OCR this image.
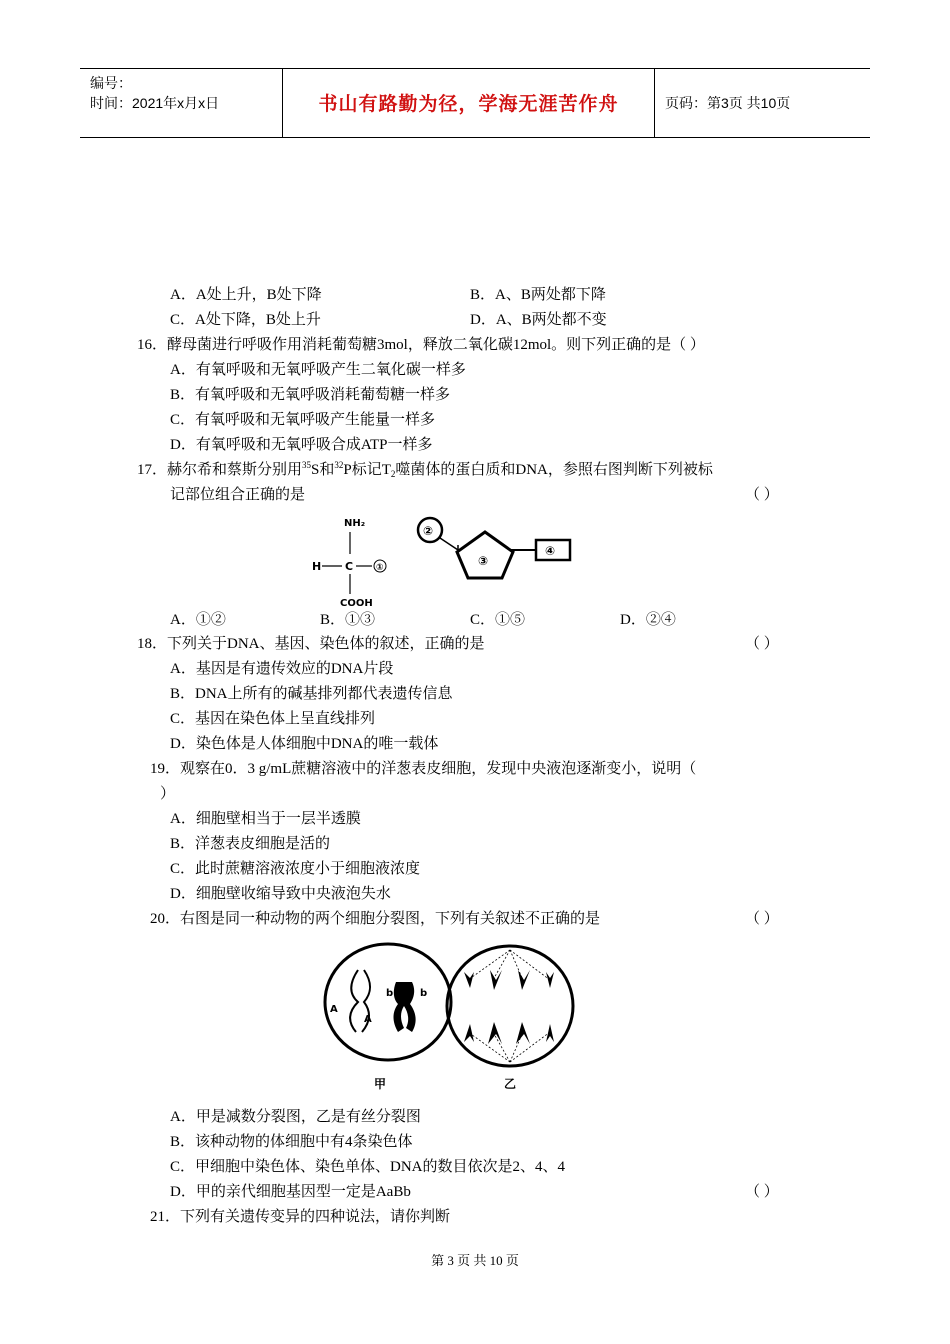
编号：
时间：2021年x月x日	书山有路勤为径，学海无涯苦作舟	页码：第3页 共10页
A．A处上升，B处下降	B．A、B两处都下降
C．A处下降，B处上升	D．A、B两处都不变
16．酵母菌进行呼吸作用消耗葡萄糖3mol，释放二氧化碳12mol。则下列正确的是（ ）
A．有氧呼吸和无氧呼吸产生二氧化碳一样多
B．有氧呼吸和无氧呼吸消耗葡萄糖一样多
C．有氧呼吸和无氧呼吸产生能量一样多
D．有氧呼吸和无氧呼吸合成ATP一样多
17．赫尔希和蔡斯分别用$^{35}$S和$^{32}$P标记$T_2$噬菌体的蛋白质和DNA，参照右图判断下列被标
记部位组合正确的是	（ ）
NH₂
H C	①
COOH
②
③
④
A．①②	B．①③	C．①⑤	D．②④
18．下列关于DNA、基因、染色体的叙述，正确的是	（ ）
A．基因是有遗传效应的DNA片段
B．DNA上所有的碱基排列都代表遗传信息
C．基因在染色体上呈直线排列
D．染色体是人体细胞中DNA的唯一载体
19．观察在0．3 g/mL蔗糖溶液中的洋葱表皮细胞，发现中央液泡逐渐变小，说明（
）
A．细胞壁相当于一层半透膜
B．洋葱表皮细胞是活的
C．此时蔗糖溶液浓度小于细胞液浓度
D．细胞壁收缩导致中央液泡失水
20．右图是同一种动物的两个细胞分裂图，下列有关叙述不正确的是	（ ）
A
A
b	b
甲	乙
A．甲是减数分裂图，乙是有丝分裂图
B．该种动物的体细胞中有4条染色体
C．甲细胞中染色体、染色单体、DNA的数目依次是2、4、4
D．甲的亲代细胞基因型一定是AaBb	（ ）
21．下列有关遗传变异的四种说法，请你判断
第 3 页 共 10 页
